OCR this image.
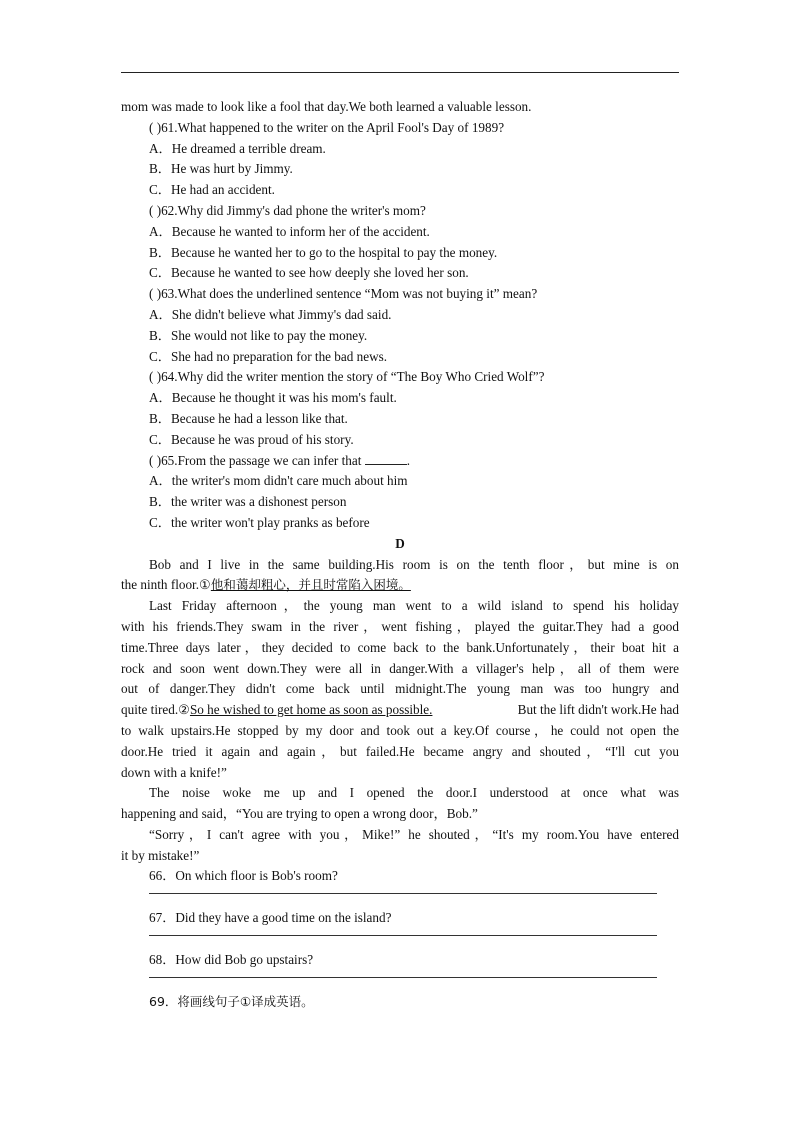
mom was made to look like a fool that day.We both learned a valuable lesson.
( )61.What happened to the writer on the April Fool's Day of 1989?
A．He dreamed a terrible dream.
B．He was hurt by Jimmy.
C．He had an accident.
( )62.Why did Jimmy's dad phone the writer's mom?
A．Because he wanted to inform her of the accident.
B．Because he wanted her to go to the hospital to pay the money.
C．Because he wanted to see how deeply she loved her son.
( )63.What does the underlined sentence “Mom was not buying it” mean?
A．She didn't believe what Jimmy's dad said.
B．She would not like to pay the money.
C．She had no preparation for the bad news.
( )64.Why did the writer mention the story of “The Boy Who Cried Wolf”?
A．Because he thought it was his mom's fault.
B．Because he had a lesson like that.
C．Because he was proud of his story.
( )65.From the passage we can infer that	.
A．the writer's mom didn't care much about him
B．the writer was a dishonest person
C．the writer won't play pranks as before
D
Bob and I live in the same building.His room is on the tenth floor，but mine is on
the ninth floor.①他和蔼却粗心，并且时常陷入困境。
Last Friday afternoon，the young man went to a wild island to spend his holiday
with his friends.They swam in the river，went fishing，played the guitar.They had a good
time.Three days later，they decided to come back to the bank.Unfortunately，their boat hit a
rock and soon went down.They were all in danger.With a villager's help，all of them were
out of danger.They didn't come back until midnight.The young man was too hungry and
quite tired.②So he wished to get home as soon as possible.	But the lift didn't work.He had
to walk upstairs.He stopped by my door and took out a key.Of course，he could not open the
door.He tried it again and again，but failed.He became angry and shouted，“I'll cut you
down with a knife!”
The noise woke me up and I opened the door.I understood at once what was
happening and said，“You are trying to open a wrong door，Bob.”
“Sorry，I can't agree with you，Mike!” he shouted，“It's my room.You have entered
it by mistake!”
66．On which floor is Bob's room?
67．Did they have a good time on the island?
68．How did Bob go upstairs?
69．将画线句子①译成英语。
